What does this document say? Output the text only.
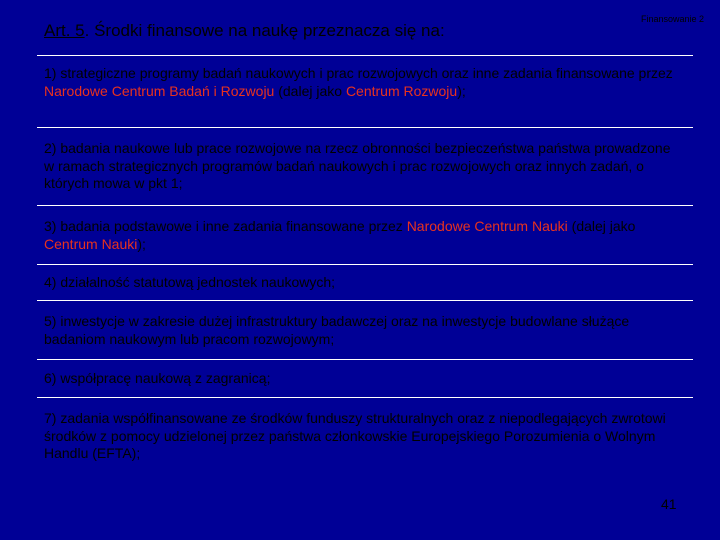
Art. 5. Środki finansowe na naukę przeznacza się na:
Finansowanie 2
1) strategiczne programy badań naukowych i prac rozwojowych oraz inne zadania finansowane przez Narodowe Centrum Badań i Rozwoju (dalej jako Centrum Rozwoju);
2) badania naukowe lub prace rozwojowe na rzecz obronności bezpieczeństwa państwa prowadzone w ramach strategicznych programów badań naukowych i prac rozwojowych oraz innych zadań, o których mowa w pkt 1;
3) badania podstawowe i inne zadania finansowane przez Narodowe Centrum Nauki (dalej jako Centrum Nauki);
4) działalność statutową jednostek naukowych;
5) inwestycje w zakresie dużej infrastruktury badawczej oraz na inwestycje budowlane służące badaniom naukowym lub pracom rozwojowym;
6) współpracę naukową z zagranicą;
7) zadania współfinansowane ze środków funduszy strukturalnych oraz z niepodlegających zwrotowi środków z pomocy udzielonej przez państwa członkowskie Europejskiego Porozumienia o Wolnym Handlu (EFTA);
41
